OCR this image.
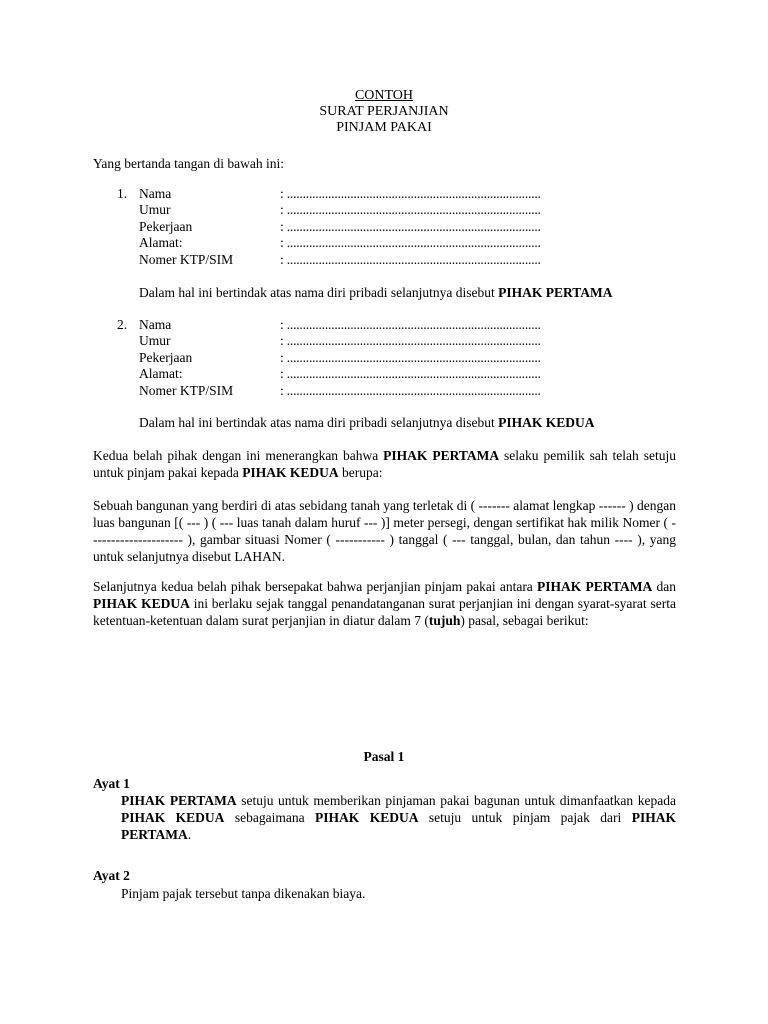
CONTOH
SURAT PERJANJIAN
PINJAM PAKAI
Yang bertanda tangan di bawah ini:
1. Nama	: ................................................................................
Umur	: ................................................................................
Pekerjaan	: ................................................................................
Alamat:	: ................................................................................
Nomer KTP/SIM	: ................................................................................
Dalam hal ini bertindak atas nama diri pribadi selanjutnya disebut PIHAK PERTAMA
2. Nama	: ................................................................................
Umur	: ................................................................................
Pekerjaan	: ................................................................................
Alamat:	: ................................................................................
Nomer KTP/SIM	: ................................................................................
Dalam hal ini bertindak atas nama diri pribadi selanjutnya disebut PIHAK KEDUA
Kedua belah pihak dengan ini menerangkan bahwa PIHAK PERTAMA selaku pemilik sah telah setuju untuk pinjam pakai kepada PIHAK KEDUA berupa:
Sebuah bangunan yang berdiri di atas sebidang tanah yang terletak di ( ------- alamat lengkap ------ ) dengan luas bangunan [( --- ) ( --- luas tanah dalam huruf --- )] meter persegi, dengan sertifikat hak milik Nomer ( --------------------- ), gambar situasi Nomer ( ----------- ) tanggal ( --- tanggal, bulan, dan tahun ---- ), yang untuk selanjutnya disebut LAHAN.
Selanjutnya kedua belah pihak bersepakat bahwa perjanjian pinjam pakai antara PIHAK PERTAMA dan PIHAK KEDUA ini berlaku sejak tanggal penandatanganan surat perjanjian ini dengan syarat-syarat serta ketentuan-ketentuan dalam surat perjanjian in diatur dalam 7 (tujuh) pasal, sebagai berikut:
Pasal 1
Ayat 1
PIHAK PERTAMA setuju untuk memberikan pinjaman pakai bagunan untuk dimanfaatkan kepada PIHAK KEDUA sebagaimana PIHAK KEDUA setuju untuk pinjam pajak dari PIHAK PERTAMA.
Ayat 2
Pinjam pajak tersebut tanpa dikenakan biaya.
